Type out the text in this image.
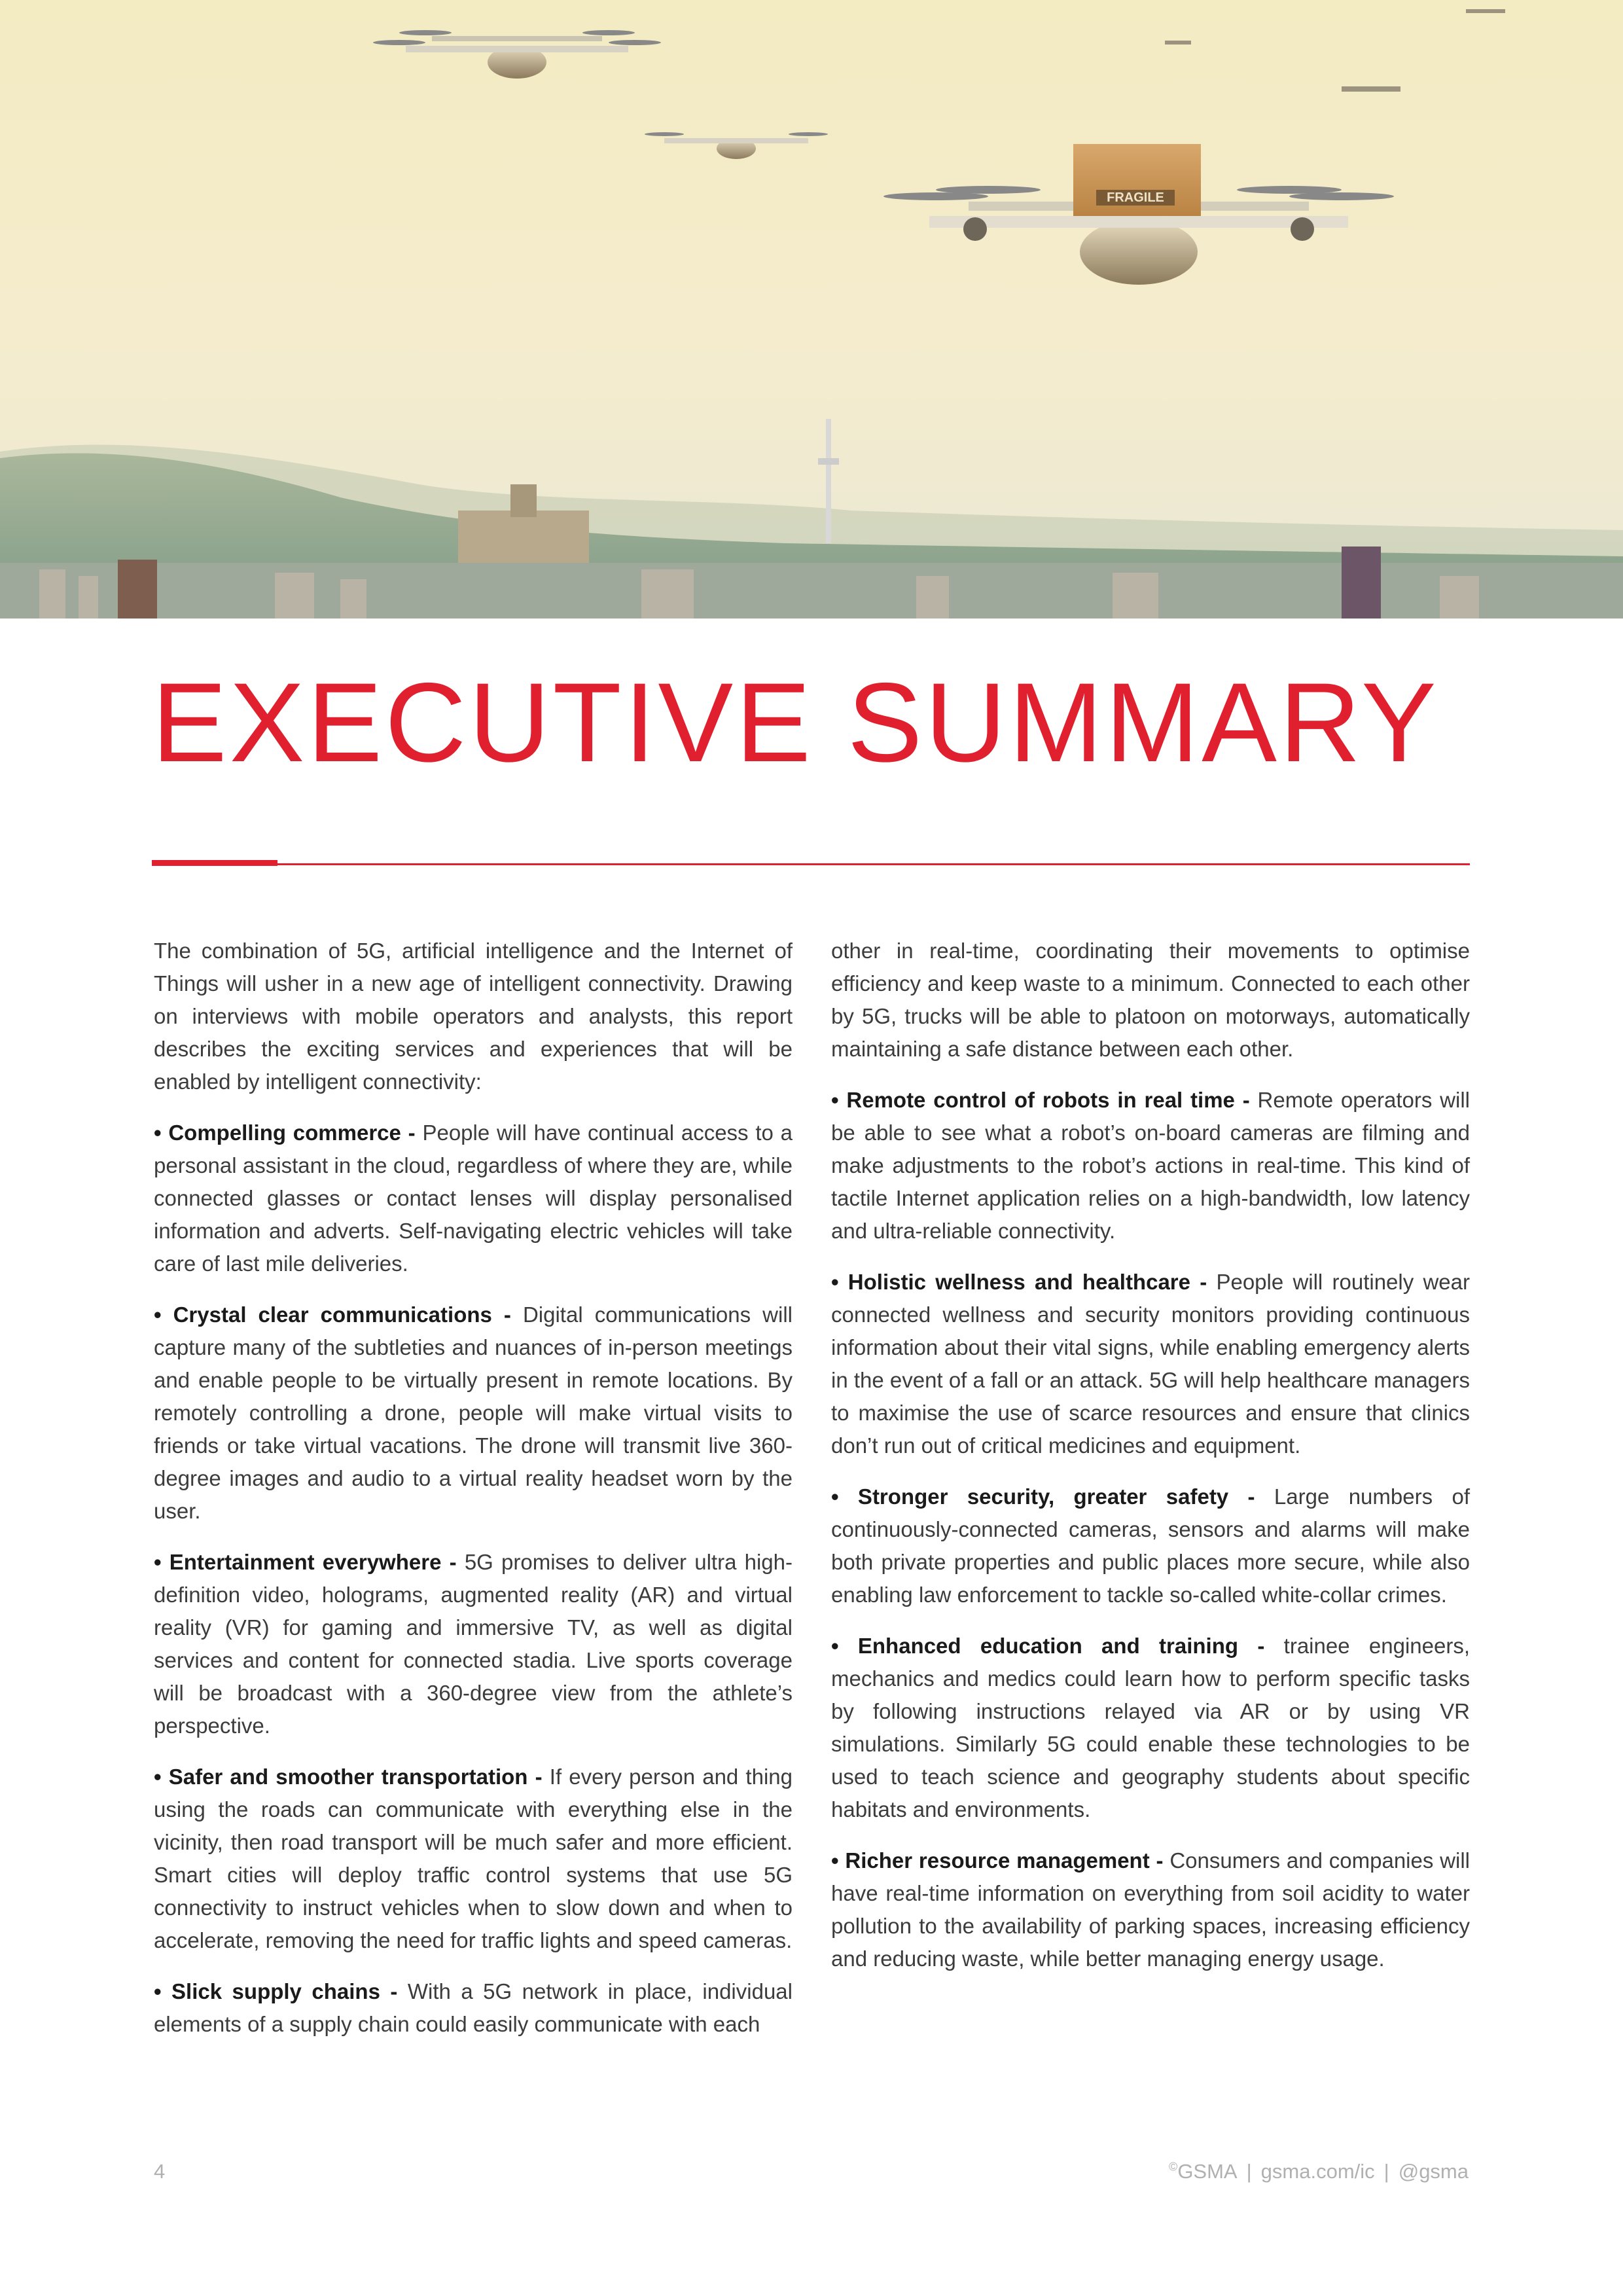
FRAGILE
EXECUTIVE SUMMARY

The combination of 5G, artificial intelligence and the Internet of Things will usher in a new age of intelligent connectivity. Drawing on interviews with mobile operators and analysts, this report describes the exciting services and experiences that will be enabled by intelligent connectivity:

• Compelling commerce - People will have continual access to a personal assistant in the cloud, regardless of where they are, while connected glasses or contact lenses will display personalised information and adverts. Self-navigating electric vehicles will take care of last mile deliveries.

• Crystal clear communications - Digital communications will capture many of the subtleties and nuances of in-person meetings and enable people to be virtually present in remote locations. By remotely controlling a drone, people will make virtual visits to friends or take virtual vacations. The drone will transmit live 360-degree images and audio to a virtual reality headset worn by the user.

• Entertainment everywhere - 5G promises to deliver ultra high-definition video, holograms, augmented reality (AR) and virtual reality (VR) for gaming and immersive TV, as well as digital services and content for connected stadia. Live sports coverage will be broadcast with a 360-degree view from the athlete’s perspective.

• Safer and smoother transportation - If every person and thing using the roads can communicate with everything else in the vicinity, then road transport will be much safer and more efficient. Smart cities will deploy traffic control systems that use 5G connectivity to instruct vehicles when to slow down and when to accelerate, removing the need for traffic lights and speed cameras.

• Slick supply chains - With a 5G network in place, individual elements of a supply chain could easily communicate with each

other in real-time, coordinating their movements to optimise efficiency and keep waste to a minimum. Connected to each other by 5G, trucks will be able to platoon on motorways, automatically maintaining a safe distance between each other.

• Remote control of robots in real time - Remote operators will be able to see what a robot’s on-board cameras are filming and make adjustments to the robot’s actions in real-time. This kind of tactile Internet application relies on a high-bandwidth, low latency and ultra-reliable connectivity.

• Holistic wellness and healthcare - People will routinely wear connected wellness and security monitors providing continuous information about their vital signs, while enabling emergency alerts in the event of a fall or an attack. 5G will help healthcare managers to maximise the use of scarce resources and ensure that clinics don’t run out of critical medicines and equipment.

• Stronger security, greater safety - Large numbers of continuously-connected cameras, sensors and alarms will make both private properties and public places more secure, while also enabling law enforcement to tackle so-called white-collar crimes.

• Enhanced education and training - trainee engineers, mechanics and medics could learn how to perform specific tasks by following instructions relayed via AR or by using VR simulations. Similarly 5G could enable these technologies to be used to teach science and geography students about specific habitats and environments.

• Richer resource management - Consumers and companies will have real-time information on everything from soil acidity to water pollution to the availability of parking spaces, increasing efficiency and reducing waste, while better managing energy usage.

4	©GSMA | gsma.com/ic | @gsma
